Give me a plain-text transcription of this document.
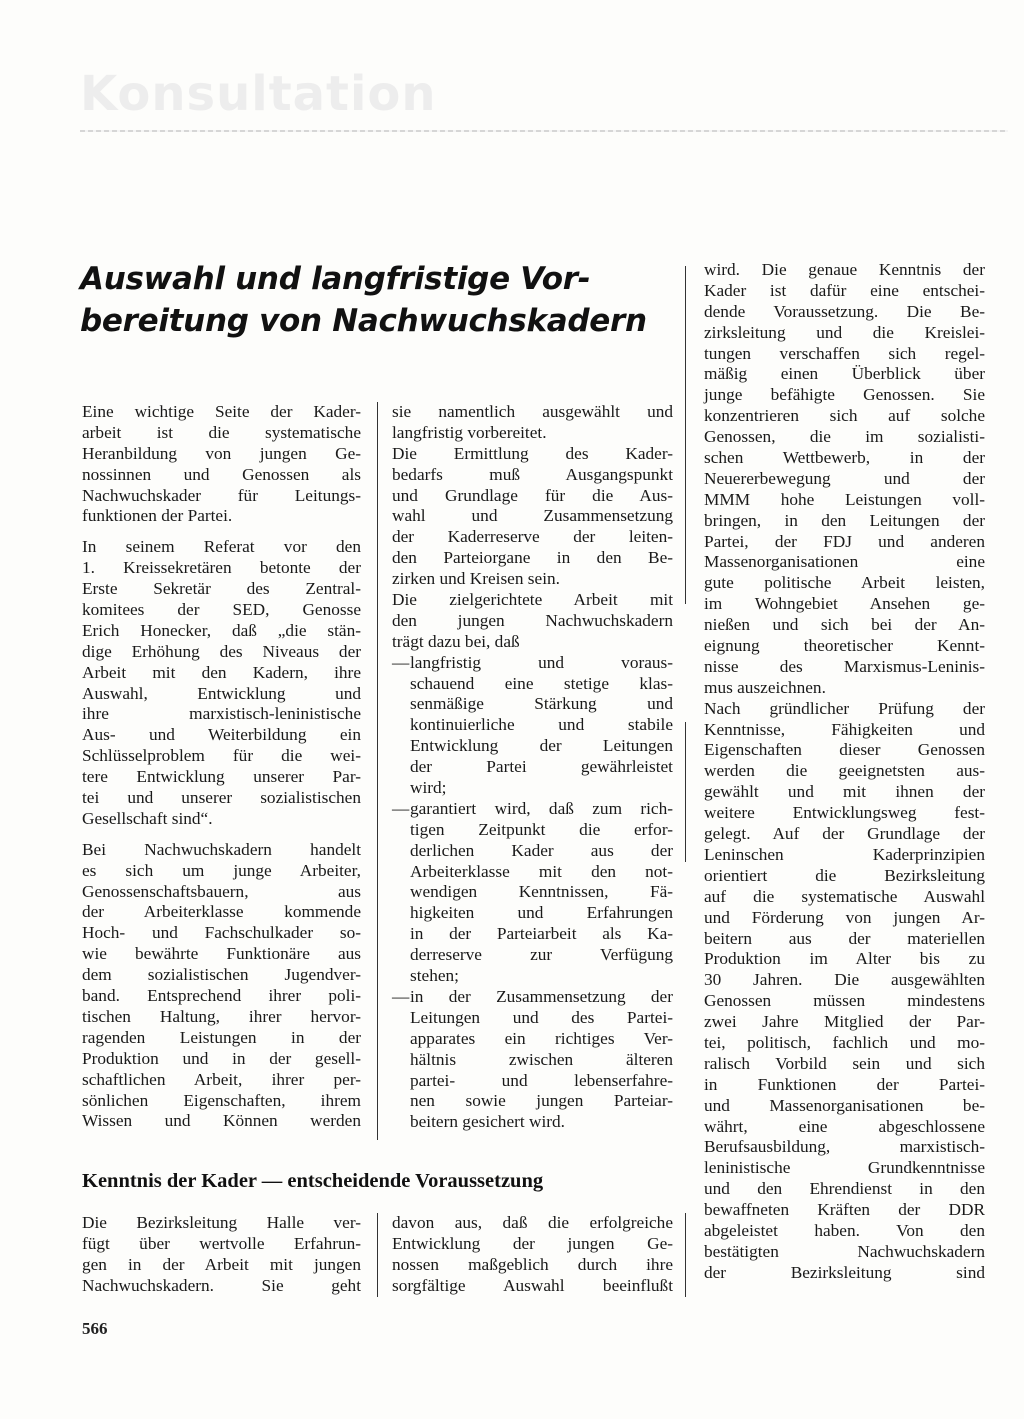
Konsultation
Auswahl und langfristige Vor-
bereitung von Nachwuchskadern
Eine wichtige Seite der Kader-
arbeit ist die systematische
Heranbildung von jungen Ge-
nossinnen und Genossen als
Nachwuchskader für Leitungs-
funktionen der Partei.
In seinem Referat vor den
1. Kreissekretären betonte der
Erste Sekretär des Zentral-
komitees der SED, Genosse
Erich Honecker, daß „die stän-
dige Erhöhung des Niveaus der
Arbeit mit den Kadern, ihre
Auswahl, Entwicklung und
ihre marxistisch-leninistische
Aus- und Weiterbildung ein
Schlüsselproblem für die wei-
tere Entwicklung unserer Par-
tei und unserer sozialistischen
Gesellschaft sind“.
Bei Nachwuchskadern handelt
es sich um junge Arbeiter,
Genossenschaftsbauern, aus
der Arbeiterklasse kommende
Hoch- und Fachschulkader so-
wie bewährte Funktionäre aus
dem sozialistischen Jugendver-
band. Entsprechend ihrer poli-
tischen Haltung, ihrer hervor-
ragenden Leistungen in der
Produktion und in der gesell-
schaftlichen Arbeit, ihrer per-
sönlichen Eigenschaften, ihrem
Wissen und Können werden
sie namentlich ausgewählt und
langfristig vorbereitet.
Die Ermittlung des Kader-
bedarfs muß Ausgangspunkt
und Grundlage für die Aus-
wahl und Zusammensetzung
der Kaderreserve der leiten-
den Parteiorgane in den Be-
zirken und Kreisen sein.
Die zielgerichtete Arbeit mit
den jungen Nachwuchskadern
trägt dazu bei, daß
— langfristig und voraus-
schauend eine stetige klas-
senmäßige Stärkung und
kontinuierliche und stabile
Entwicklung der Leitungen
der Partei gewährleistet
wird;
— garantiert wird, daß zum rich-
tigen Zeitpunkt die erfor-
derlichen Kader aus der
Arbeiterklasse mit den not-
wendigen Kenntnissen, Fä-
higkeiten und Erfahrungen
in der Parteiarbeit als Ka-
derreserve zur Verfügung
stehen;
— in der Zusammensetzung der
Leitungen und des Partei-
apparates ein richtiges Ver-
hältnis zwischen älteren
partei- und lebenserfahre-
nen sowie jungen Parteiar-
beitern gesichert wird.
wird. Die genaue Kenntnis der
Kader ist dafür eine entschei-
dende Voraussetzung. Die Be-
zirksleitung und die Kreislei-
tungen verschaffen sich regel-
mäßig einen Überblick über
junge befähigte Genossen. Sie
konzentrieren sich auf solche
Genossen, die im sozialisti-
schen Wettbewerb, in der
Neuererbewegung und der
MMM hohe Leistungen voll-
bringen, in den Leitungen der
Partei, der FDJ und anderen
Massenorganisationen eine
gute politische Arbeit leisten,
im Wohngebiet Ansehen ge-
nießen und sich bei der An-
eignung theoretischer Kennt-
nisse des Marxismus-Leninis-
mus auszeichnen.
Nach gründlicher Prüfung der
Kenntnisse, Fähigkeiten und
Eigenschaften dieser Genossen
werden die geeignetsten aus-
gewählt und mit ihnen der
weitere Entwicklungsweg fest-
gelegt. Auf der Grundlage der
Leninschen Kaderprinzipien
orientiert die Bezirksleitung
auf die systematische Auswahl
und Förderung von jungen Ar-
beitern aus der materiellen
Produktion im Alter bis zu
30 Jahren. Die ausgewählten
Genossen müssen mindestens
zwei Jahre Mitglied der Par-
tei, politisch, fachlich und mo-
ralisch Vorbild sein und sich
in Funktionen der Partei-
und Massenorganisationen be-
währt, eine abgeschlossene
Berufsausbildung, marxistisch-
leninistische Grundkenntnisse
und den Ehrendienst in den
bewaffneten Kräften der DDR
abgeleistet haben. Von den
bestätigten Nachwuchskadern
der Bezirksleitung sind
Kenntnis der Kader — entscheidende Voraussetzung
Die Bezirksleitung Halle ver-
fügt über wertvolle Erfahrun-
gen in der Arbeit mit jungen
Nachwuchskadern. Sie geht
davon aus, daß die erfolgreiche
Entwicklung der jungen Ge-
nossen maßgeblich durch ihre
sorgfältige Auswahl beeinflußt
566
